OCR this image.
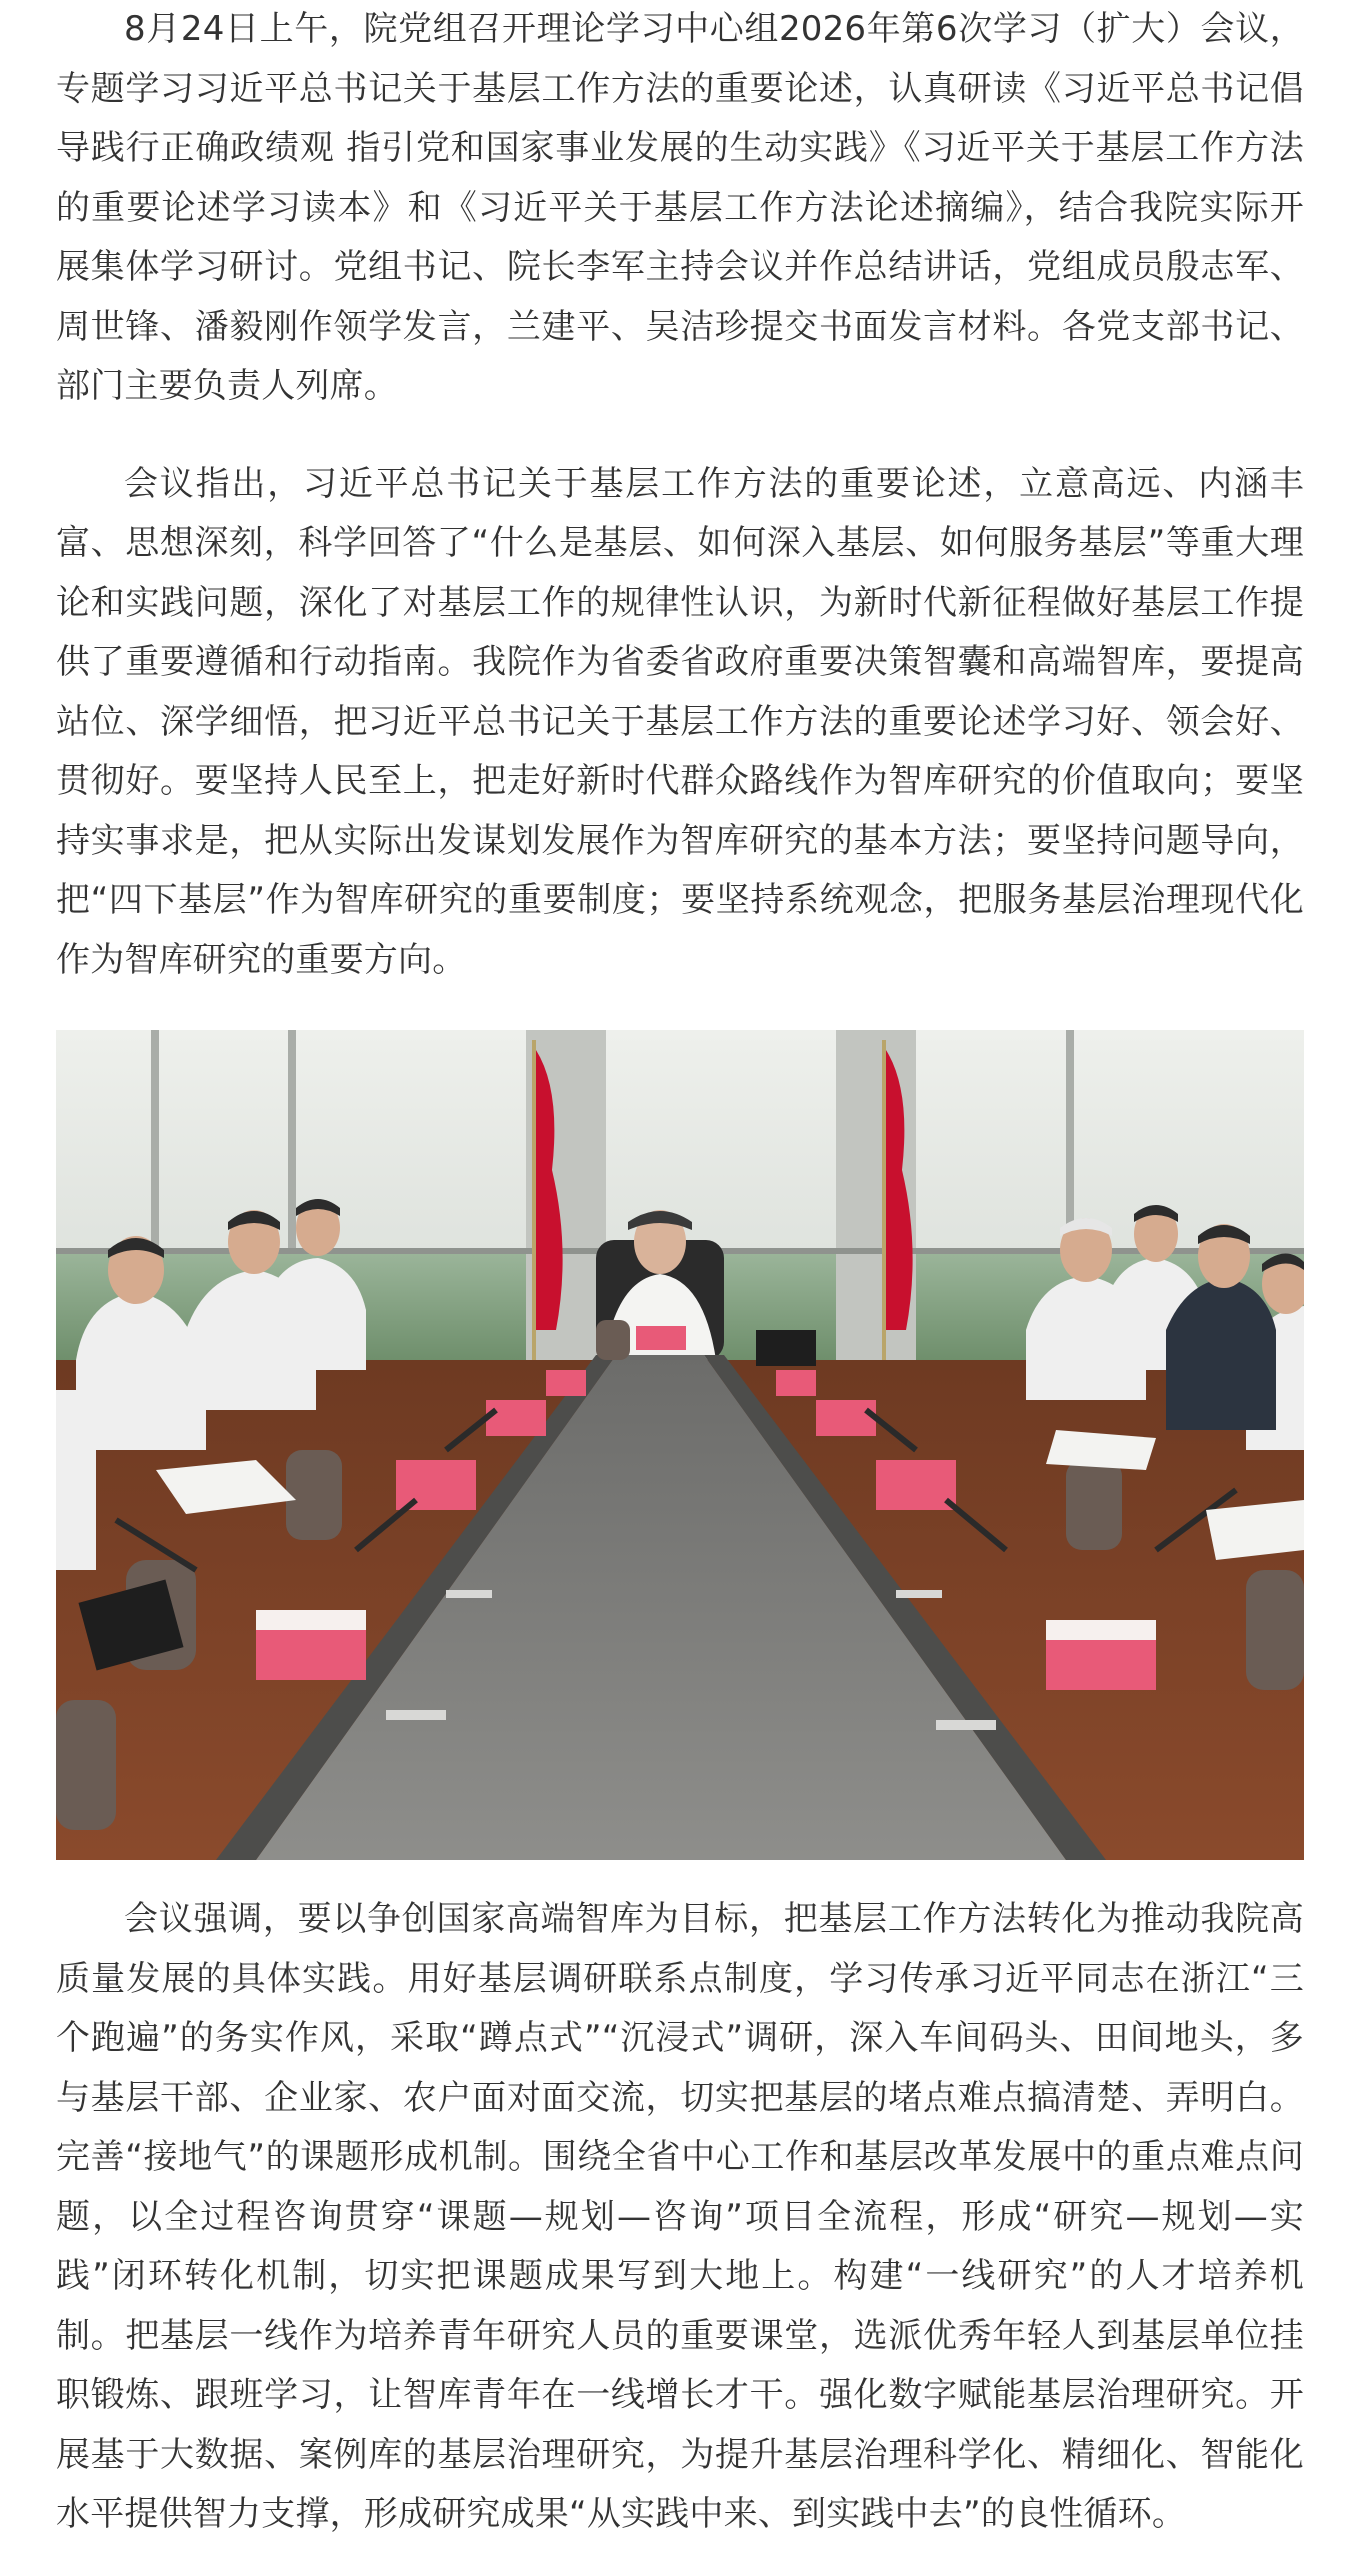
8月24日上午，院党组召开理论学习中心组2026年第6次学习（扩大）会议，专题学习习近平总书记关于基层工作方法的重要论述，认真研读《习近平总书记倡导践行正确政绩观 指引党和国家事业发展的生动实践》《习近平关于基层工作方法的重要论述学习读本》和《习近平关于基层工作方法论述摘编》，结合我院实际开展集体学习研讨。党组书记、院长李军主持会议并作总结讲话，党组成员殷志军、周世锋、潘毅刚作领学发言，兰建平、吴洁珍提交书面发言材料。各党支部书记、部门主要负责人列席。

会议指出，习近平总书记关于基层工作方法的重要论述，立意高远、内涵丰富、思想深刻，科学回答了“什么是基层、如何深入基层、如何服务基层”等重大理论和实践问题，深化了对基层工作的规律性认识，为新时代新征程做好基层工作提供了重要遵循和行动指南。我院作为省委省政府重要决策智囊和高端智库，要提高站位、深学细悟，把习近平总书记关于基层工作方法的重要论述学习好、领会好、贯彻好。要坚持人民至上，把走好新时代群众路线作为智库研究的价值取向；要坚持实事求是，把从实际出发谋划发展作为智库研究的基本方法；要坚持问题导向，把“四下基层”作为智库研究的重要制度；要坚持系统观念，把服务基层治理现代化作为智库研究的重要方向。

会议强调，要以争创国家高端智库为目标，把基层工作方法转化为推动我院高质量发展的具体实践。用好基层调研联系点制度，学习传承习近平同志在浙江“三个跑遍”的务实作风，采取“蹲点式”“沉浸式”调研，深入车间码头、田间地头，多与基层干部、企业家、农户面对面交流，切实把基层的堵点难点搞清楚、弄明白。完善“接地气”的课题形成机制。围绕全省中心工作和基层改革发展中的重点难点问题，以全过程咨询贯穿“课题—规划—咨询”项目全流程，形成“研究—规划—实践”闭环转化机制，切实把课题成果写到大地上。构建“一线研究”的人才培养机制。把基层一线作为培养青年研究人员的重要课堂，选派优秀年轻人到基层单位挂职锻炼、跟班学习，让智库青年在一线增长才干。强化数字赋能基层治理研究。开展基于大数据、案例库的基层治理研究，为提升基层治理科学化、精细化、智能化水平提供智力支撑，形成研究成果“从实践中来、到实践中去”的良性循环。
